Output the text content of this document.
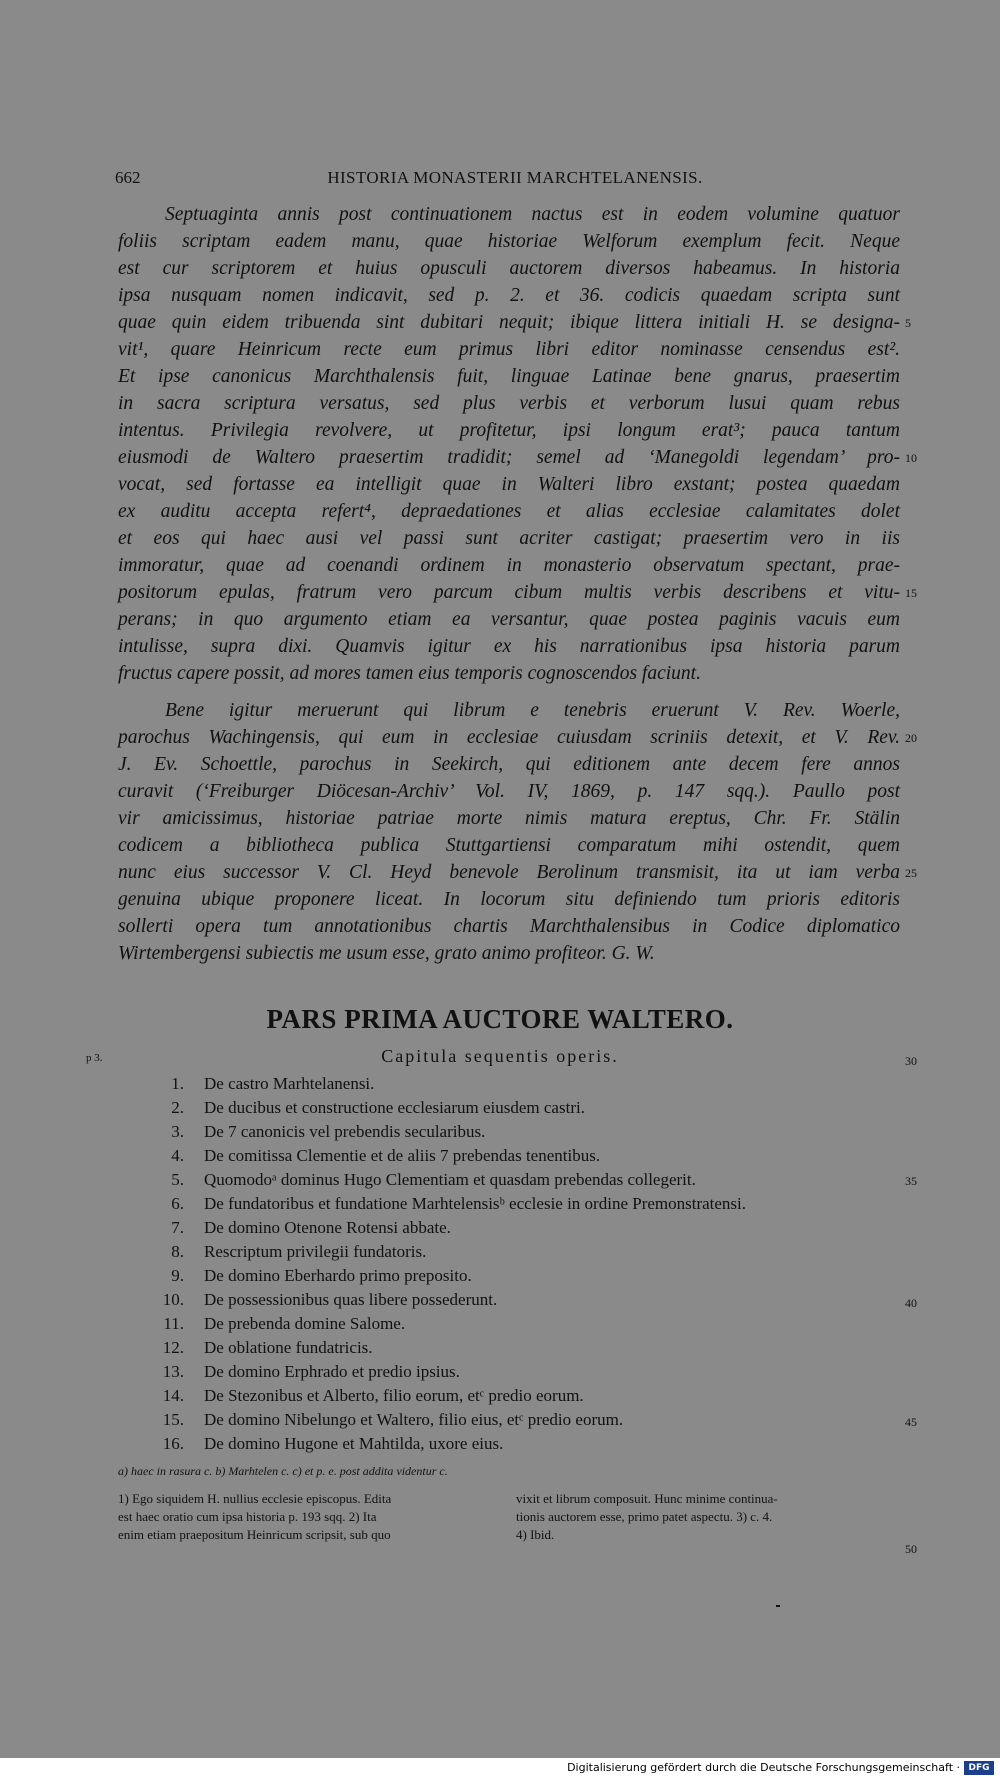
662	HISTORIA MONASTERII MARCHTELANENSIS.
Septuaginta annis post continuationem nactus est in eodem volumine quatuor
foliis scriptam eadem manu, quae historiae Welforum exemplum fecit. Neque
est cur scriptorem et huius opusculi auctorem diversos habeamus. In historia
ipsa nusquam nomen indicavit, sed p. 2. et 36. codicis quaedam scripta sunt
quae quin eidem tribuenda sint dubitari nequit; ibique littera initiali H. se designa-
vit¹, quare Heinricum recte eum primus libri editor nominasse censendus est².
Et ipse canonicus Marchthalensis fuit, linguae Latinae bene gnarus, praesertim
in sacra scriptura versatus, sed plus verbis et verborum lusui quam rebus
intentus. Privilegia revolvere, ut profitetur, ipsi longum erat³; pauca tantum
eiusmodi de Waltero praesertim tradidit; semel ad ‘Manegoldi legendam’ pro-
vocat, sed fortasse ea intelligit quae in Walteri libro exstant; postea quaedam
ex auditu accepta refert⁴, depraedationes et alias ecclesiae calamitates dolet
et eos qui haec ausi vel passi sunt acriter castigat; praesertim vero in iis
immoratur, quae ad coenandi ordinem in monasterio observatum spectant, prae-
positorum epulas, fratrum vero parcum cibum multis verbis describens et vitu-
perans; in quo argumento etiam ea versantur, quae postea paginis vacuis eum
intulisse, supra dixi. Quamvis igitur ex his narrationibus ipsa historia parum
fructus capere possit, ad mores tamen eius temporis cognoscendos faciunt.
Bene igitur meruerunt qui librum e tenebris eruerunt V. Rev. Woerle,
parochus Wachingensis, qui eum in ecclesiae cuiusdam scriniis detexit, et V. Rev.
J. Ev. Schoettle, parochus in Seekirch, qui editionem ante decem fere annos
curavit (‘Freiburger Diöcesan-Archiv’ Vol. IV, 1869, p. 147 sqq.). Paullo post
vir amicissimus, historiae patriae morte nimis matura ereptus, Chr. Fr. Stälin
codicem a bibliotheca publica Stuttgartiensi comparatum mihi ostendit, quem
nunc eius successor V. Cl. Heyd benevole Berolinum transmisit, ita ut iam verba
genuina ubique proponere liceat. In locorum situ definiendo tum prioris editoris
sollerti opera tum annotationibus chartis Marchthalensibus in Codice diplomatico
Wirtembergensi subiectis me usum esse, grato animo profiteor. G. W.
5
10
15
20
25
30
35
40
45
50
PARS PRIMA AUCTORE WALTERO.
p 3.	Capitula sequentis operis.
1. De castro Marhtelanensi.
2. De ducibus et constructione ecclesiarum eiusdem castri.
3. De 7 canonicis vel prebendis secularibus.
4. De comitissa Clementie et de aliis 7 prebendas tenentibus.
5. Quomodoᵃ dominus Hugo Clementiam et quasdam prebendas collegerit.
6. De fundatoribus et fundatione Marhtelensisᵇ ecclesie in ordine Premonstratensi.
7. De domino Otenone Rotensi abbate.
8. Rescriptum privilegii fundatoris.
9. De domino Eberhardo primo preposito.
10. De possessionibus quas libere possederunt.
11. De prebenda domine Salome.
12. De oblatione fundatricis.
13. De domino Erphrado et predio ipsius.
14. De Stezonibus et Alberto, filio eorum, etᶜ predio eorum.
15. De domino Nibelungo et Waltero, filio eius, etᶜ predio eorum.
16. De domino Hugone et Mahtilda, uxore eius.
a) haec in rasura c. b) Marhtelen c. c) et p. e. post addita videntur c.
1) Ego siquidem H. nullius ecclesie episcopus. Edita
est haec oratio cum ipsa historia p. 193 sqq. 2) Ita
enim etiam praepositum Heinricum scripsit, sub quo
vixit et librum composuit. Hunc minime continua-
tionis auctorem esse, primo patet aspectu. 3) c. 4.
4) Ibid.
Digitalisierung gefördert durch die Deutsche Forschungsgemeinschaft · DFG
